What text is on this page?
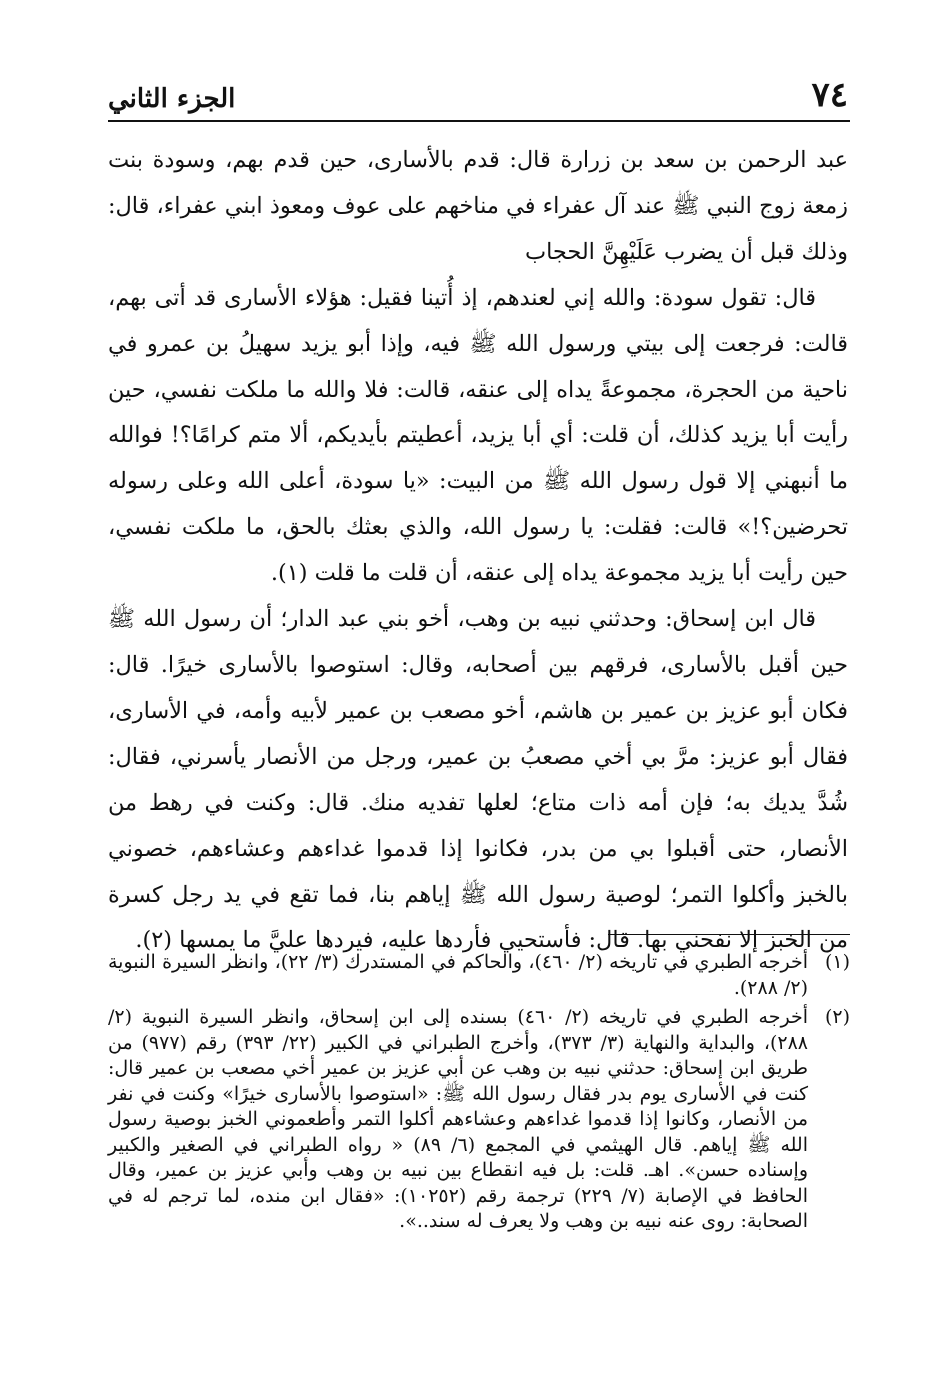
٧٤
الجزء الثاني

عبد الرحمن بن سعد بن زرارة قال: قدم بالأسارى، حين قدم بهم، وسودة بنت زمعة زوج النبي ﷺ عند آل عفراء في مناخهم على عوف ومعوذ ابني عفراء، قال: وذلك قبل أن يضرب عَلَيْهِنَّ الحجاب

قال: تقول سودة: والله إني لعندهم، إذ أُتينا فقيل: هؤلاء الأسارى قد أتى بهم، قالت: فرجعت إلى بيتي ورسول الله ﷺ فيه، وإذا أبو يزيد سهيلُ بن عمرو في ناحية من الحجرة، مجموعةً يداه إلى عنقه، قالت: فلا والله ما ملكت نفسي، حين رأيت أبا يزيد كذلك، أن قلت: أي أبا يزيد، أعطيتم بأيديكم، ألا متم كرامًا؟! فوالله ما أنبهني إلا قول رسول الله ﷺ من البيت: «يا سودة، أعلى الله وعلى رسوله تحرضين؟!» قالت: فقلت: يا رسول الله، والذي بعثك بالحق، ما ملكت نفسي، حين رأيت أبا يزيد مجموعة يداه إلى عنقه، أن قلت ما قلت (١).

قال ابن إسحاق: وحدثني نبيه بن وهب، أخو بني عبد الدار؛ أن رسول الله ﷺ حين أقبل بالأسارى، فرقهم بين أصحابه، وقال: استوصوا بالأسارى خيرًا. قال: فكان أبو عزيز بن عمير بن هاشم، أخو مصعب بن عمير لأبيه وأمه، في الأسارى، فقال أبو عزيز: مرَّ بي أخي مصعبُ بن عمير، ورجل من الأنصار يأسرني، فقال: شُدَّ يديك به؛ فإن أمه ذات متاع؛ لعلها تفديه منك. قال: وكنت في رهط من الأنصار، حتى أقبلوا بي من بدر، فكانوا إذا قدموا غداءهم وعشاءهم، خصوني بالخبز وأكلوا التمر؛ لوصية رسول الله ﷺ إياهم بنا، فما تقع في يد رجل كسرة من الخبز إلا نفحني بها. قال: فأستحيي فأردها عليه، فيردها عليَّ ما يمسها (٢).

(١)
أخرجه الطبري في تاريخه (٢/ ٤٦٠)، والحاكم في المستدرك (٣/ ٢٢)، وانظر السيرة النبوية (٢/ ٢٨٨).
(٢)
أخرجه الطبري في تاريخه (٢/ ٤٦٠) بسنده إلى ابن إسحاق، وانظر السيرة النبوية (٢/ ٢٨٨)، والبداية والنهاية (٣/ ٣٧٣)، وأخرج الطبراني في الكبير (٢٢/ ٣٩٣) رقم (٩٧٧) من طريق ابن إسحاق: حدثني نبيه بن وهب عن أبي عزيز بن عمير أخي مصعب بن عمير قال: كنت في الأسارى يوم بدر فقال رسول الله ﷺ: «استوصوا بالأسارى خيرًا» وكنت في نفر من الأنصار، وكانوا إذا قدموا غداءهم وعشاءهم أكلوا التمر وأطعموني الخبز بوصية رسول الله ﷺ إياهم. قال الهيثمي في المجمع (٦/ ٨٩) « رواه الطبراني في الصغير والكبير وإسناده حسن». اهـ. قلت: بل فيه انقطاع بين نبيه بن وهب وأبي عزيز بن عمير، وقال الحافظ في الإصابة (٧/ ٢٢٩) ترجمة رقم (١٠٢٥٢): «فقال ابن منده، لما ترجم له في الصحابة: روى عنه نبيه بن وهب ولا يعرف له سند..».
